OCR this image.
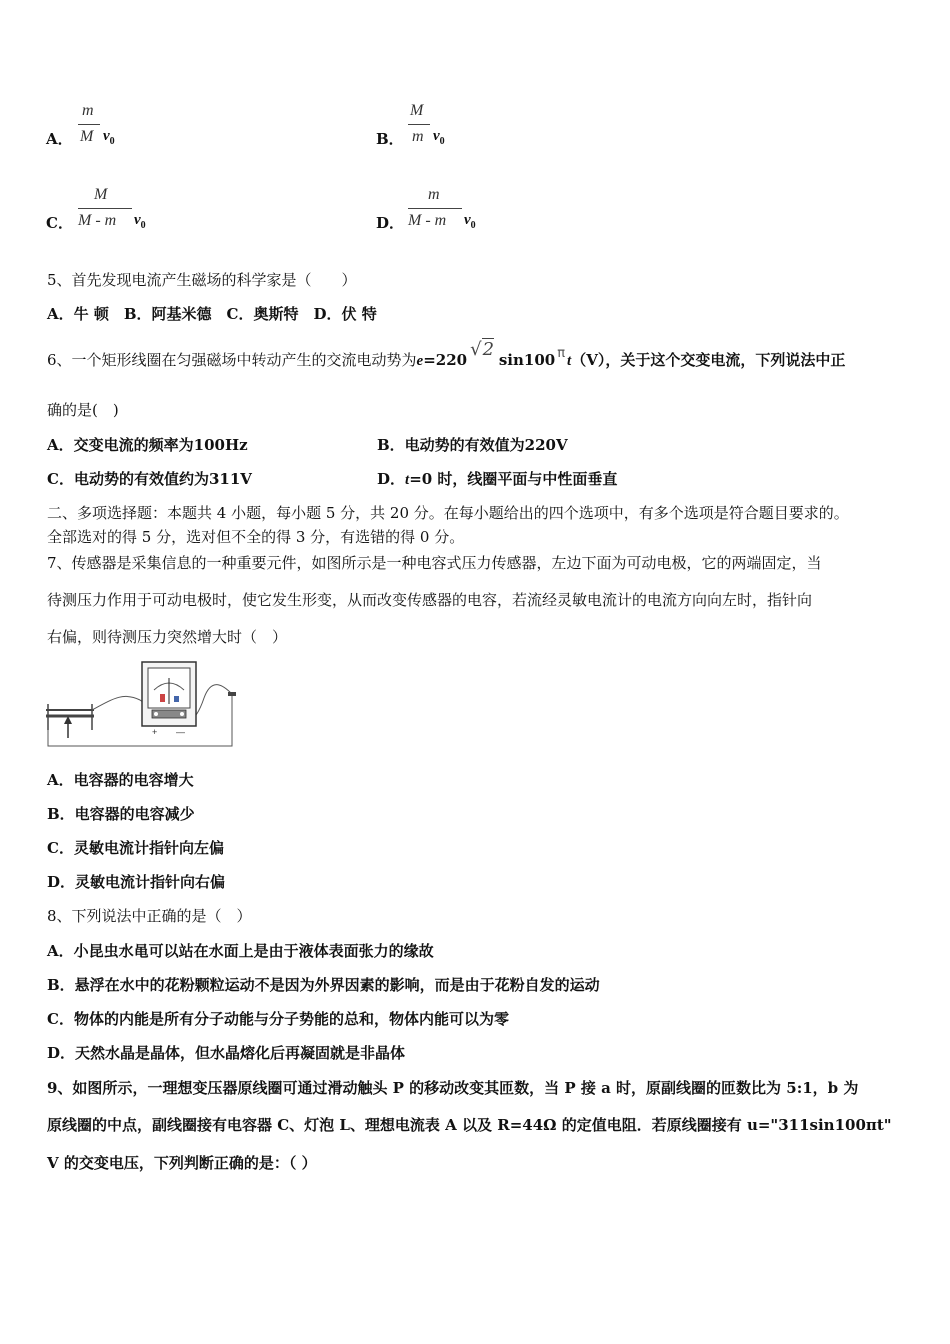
A．
m
M $v_0$	B．
M
m $v_0$
C．
M
M - m $v_0$	D．
m
M - m $v_0$
5、首先发现电流产生磁场的科学家是（　　）
A．牛 顿　B．阿基米德　C．奥斯特　D．伏 特
6、一个矩形线圈在匀强磁场中转动产生的交流电动势为e=220 √2 sin100 π t（V），关于这个交变电流，下列说法中正
确的是(　)
A．交变电流的频率为100Hz	B．电动势的有效值为220V
C．电动势的有效值约为311V	D．t=0 时，线圈平面与中性面垂直
二、多项选择题：本题共 4 小题，每小题 5 分，共 20 分。在每小题给出的四个选项中，有多个选项是符合题目要求的。
全部选对的得 5 分，选对但不全的得 3 分，有选错的得 0 分。
7、传感器是采集信息的一种重要元件，如图所示是一种电容式压力传感器，左边下面为可动电极，它的两端固定，当
待测压力作用于可动电极时，使它发生形变，从而改变传感器的电容，若流经灵敏电流计的电流方向向左时，指针向
右偏，则待测压力突然增大时（　）
+ —
A．电容器的电容增大
B．电容器的电容减少
C．灵敏电流计指针向左偏
D．灵敏电流计指针向右偏
8、下列说法中正确的是（　）
A．小昆虫水黾可以站在水面上是由于液体表面张力的缘故
B．悬浮在水中的花粉颗粒运动不是因为外界因素的影响，而是由于花粉自发的运动
C．物体的内能是所有分子动能与分子势能的总和，物体内能可以为零
D．天然水晶是晶体，但水晶熔化后再凝固就是非晶体
9、如图所示，一理想变压器原线圈可通过滑动触头 P 的移动改变其匝数，当 P 接 a 时，原副线圈的匝数比为 5:1，b 为
原线圈的中点，副线圈接有电容器 C、灯泡 L、理想电流表 A 以及 R=44Ω 的定值电阻．若原线圈接有 u="311sin100πt"
V 的交变电压，下列判断正确的是：（ ）
